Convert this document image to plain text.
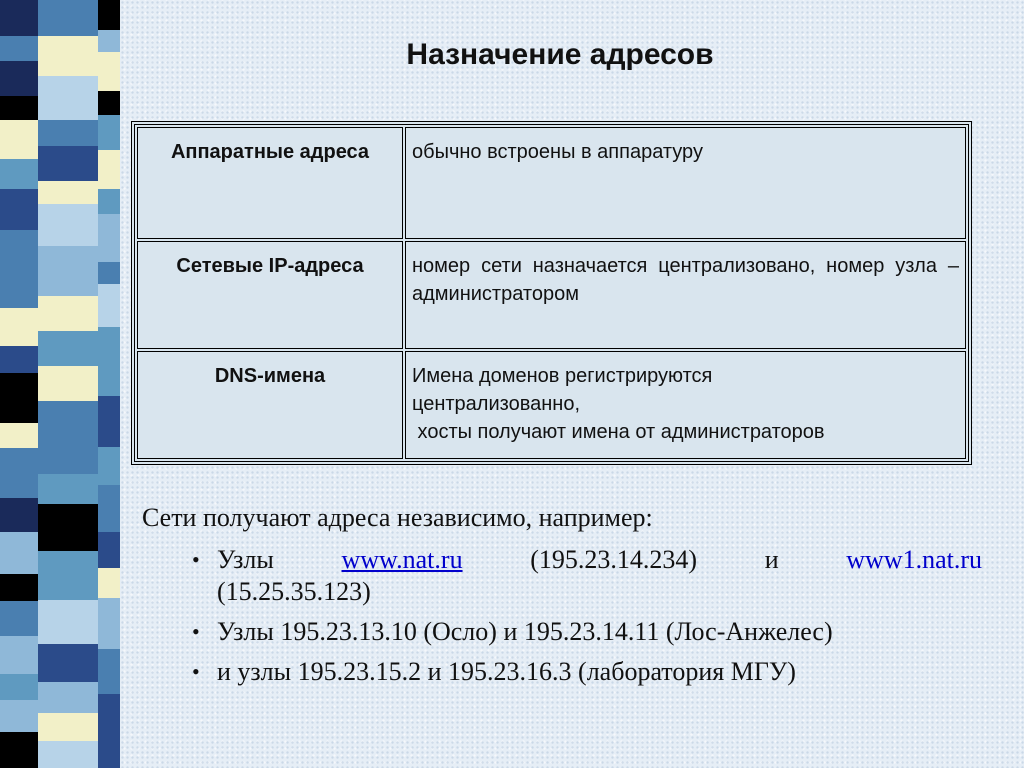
Назначение адресов
Аппаратные адреса	обычно встроены в аппаратуру
Сетевые IP-адреса	номер сети назначается централизовано, номер узла – администратором
DNS-имена	Имена доменов регистрируются
централизованно,
хосты получают имена от администраторов

Сети получают адреса независимо, например:

• Узлы	www.nat.ru	(195.23.14.234)	и	www1.nat.ru
(15.25.35.123)
• Узлы 195.23.13.10 (Осло) и 195.23.14.11 (Лос-Анжелес)
• и узлы 195.23.15.2 и 195.23.16.3 (лаборатория МГУ)
